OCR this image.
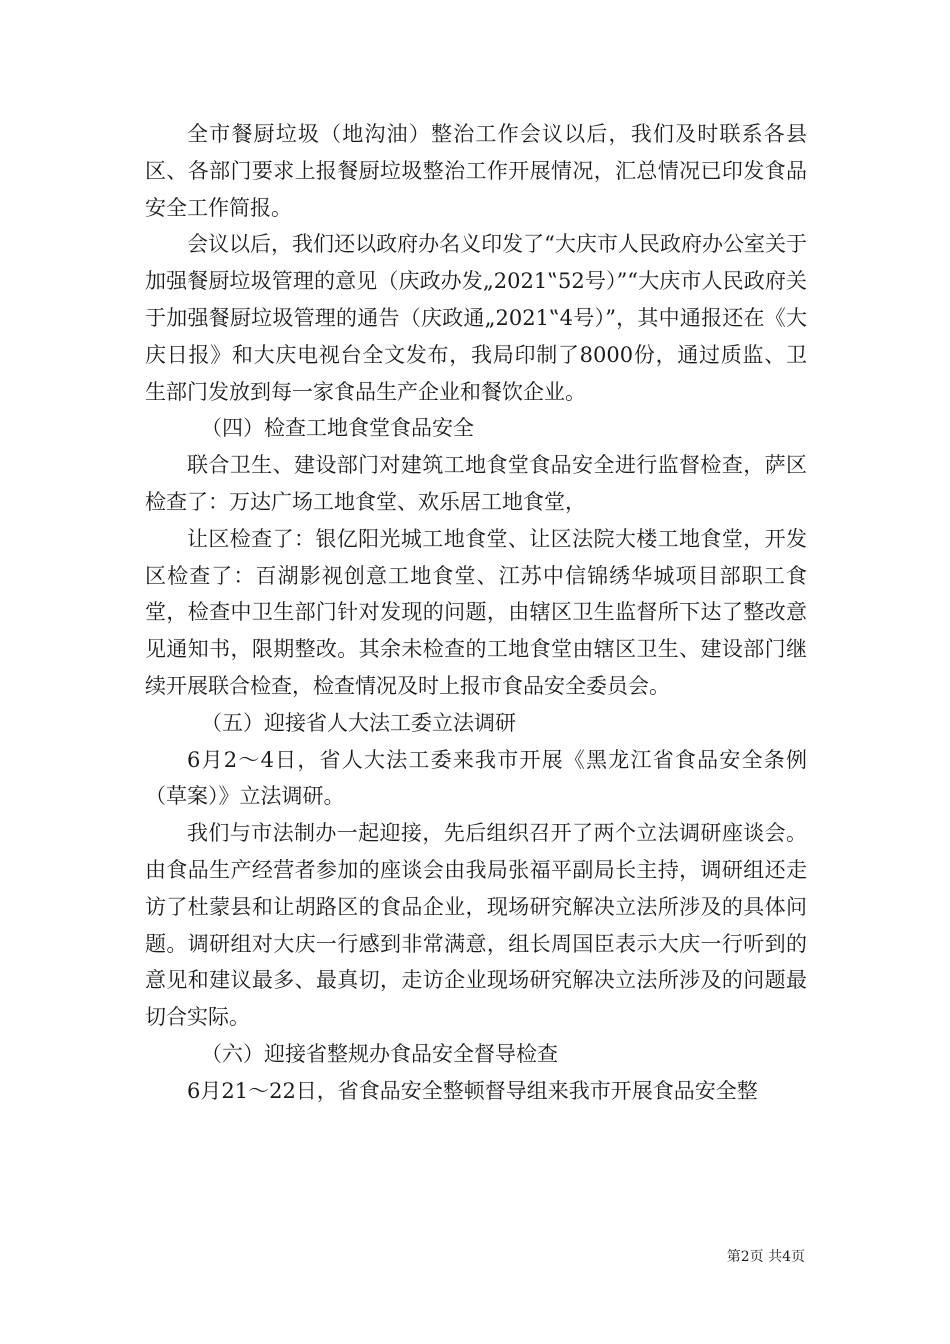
全市餐厨垃圾（地沟油）整治工作会议以后，我们及时联系各县区、各部门要求上报餐厨垃圾整治工作开展情况，汇总情况已印发食品安全工作简报。

会议以后，我们还以政府办名义印发了“大庆市人民政府办公室关于加强餐厨垃圾管理的意见（庆政办发„2021‟52号）”“大庆市人民政府关于加强餐厨垃圾管理的通告（庆政通„2021‟4号）”，其中通报还在《大庆日报》和大庆电视台全文发布，我局印制了8000份，通过质监、卫生部门发放到每一家食品生产企业和餐饮企业。

（四）检查工地食堂食品安全

联合卫生、建设部门对建筑工地食堂食品安全进行监督检查，萨区检查了：万达广场工地食堂、欢乐居工地食堂，

让区检查了：银亿阳光城工地食堂、让区法院大楼工地食堂，开发区检查了：百湖影视创意工地食堂、江苏中信锦绣华城项目部职工食堂，检查中卫生部门针对发现的问题，由辖区卫生监督所下达了整改意见通知书，限期整改。其余未检查的工地食堂由辖区卫生、建设部门继续开展联合检查，检查情况及时上报市食品安全委员会。

（五）迎接省人大法工委立法调研

6月2～4日，省人大法工委来我市开展《黑龙江省食品安全条例（草案）》立法调研。

我们与市法制办一起迎接，先后组织召开了两个立法调研座谈会。由食品生产经营者参加的座谈会由我局张福平副局长主持，调研组还走访了杜蒙县和让胡路区的食品企业，现场研究解决立法所涉及的具体问题。调研组对大庆一行感到非常满意，组长周国臣表示大庆一行听到的意见和建议最多、最真切，走访企业现场研究解决立法所涉及的问题最切合实际。

（六）迎接省整规办食品安全督导检查

6月21～22日，省食品安全整顿督导组来我市开展食品安全整

第2页 共4页
